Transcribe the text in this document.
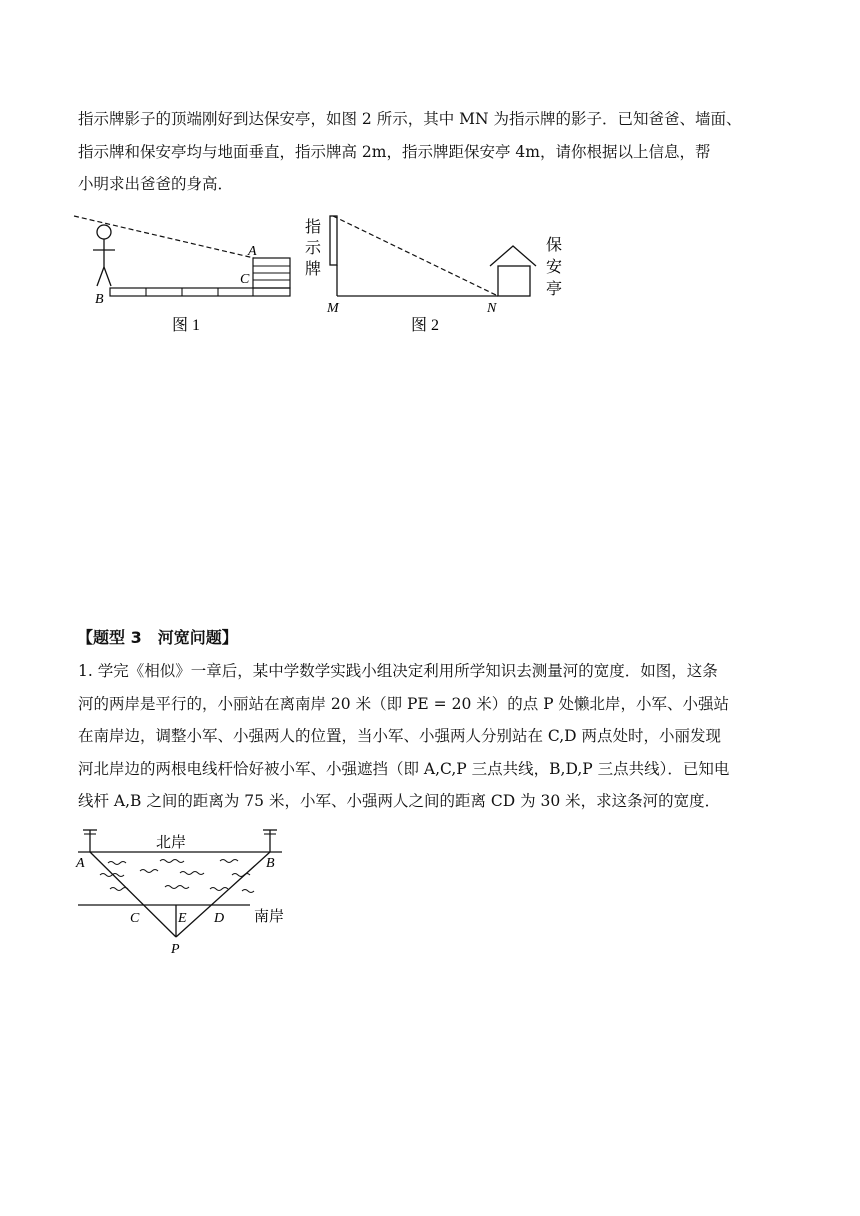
指示牌影子的顶端刚好到达保安亭，如图 2 所示，其中 MN 为指示牌的影子．已知爸爸、墙面、

指示牌和保安亭均与地面垂直，指示牌高 2m，指示牌距保安亭 4m，请你根据以上信息，帮

小明求出爸爸的身高．

A
C
B
图 1
指
示
牌
保
安
亭
M	N
图 2
【题型 3　河宽问题】

1. 学完《相似》一章后，某中学数学实践小组决定利用所学知识去测量河的宽度．如图，这条

河的两岸是平行的，小丽站在离南岸 20 米（即 PE = 20 米）的点 P 处懒北岸，小军、小强站

在南岸边，调整小军、小强两人的位置，当小军、小强两人分别站在 C,D 两点处时，小丽发现

河北岸边的两根电线杆恰好被小军、小强遮挡（即 A,C,P 三点共线，B,D,P 三点共线）．已知电

线杆 A,B 之间的距离为 75 米，小军、小强两人之间的距离 CD 为 30 米，求这条河的宽度．

北岸
南岸
A	B
C	E D
P
